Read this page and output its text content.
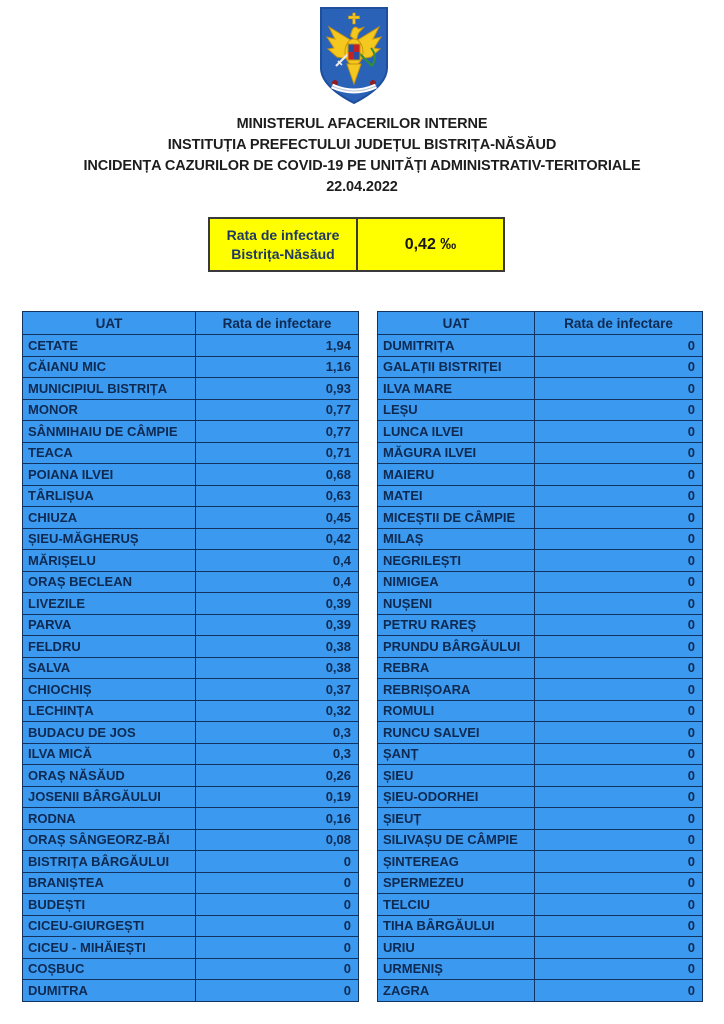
MINISTERUL AFACERILOR INTERNE
INSTITUȚIA PREFECTULUI JUDEȚUL BISTRIȚA-NĂSĂUD
INCIDENȚA CAZURILOR DE COVID-19 PE UNITĂȚI ADMINISTRATIV-TERITORIALE
22.04.2022
Rata de infectare
Bistrița-Năsăud
0,42 ‰
UAT	Rata de infectare
CETATE	1,94
CĂIANU MIC	1,16
MUNICIPIUL BISTRIȚA	0,93
MONOR	0,77
SÂNMIHAIU DE CÂMPIE	0,77
TEACA	0,71
POIANA ILVEI	0,68
TÂRLIȘUA	0,63
CHIUZA	0,45
ȘIEU-MĂGHERUȘ	0,42
MĂRIȘELU	0,4
ORAȘ BECLEAN	0,4
LIVEZILE	0,39
PARVA	0,39
FELDRU	0,38
SALVA	0,38
CHIOCHIȘ	0,37
LECHINȚA	0,32
BUDACU DE JOS	0,3
ILVA MICĂ	0,3
ORAȘ NĂSĂUD	0,26
JOSENII BÂRGĂULUI	0,19
RODNA	0,16
ORAȘ SÂNGEORZ-BĂI	0,08
BISTRIȚA BÂRGĂULUI	0
BRANIȘTEA	0
BUDEȘTI	0
CICEU-GIURGEȘTI	0
CICEU - MIHĂIEȘTI	0
COȘBUC	0
DUMITRA	0
UAT	Rata de infectare
DUMITRIȚA	0
GALAȚII BISTRIȚEI	0
ILVA MARE	0
LEȘU	0
LUNCA ILVEI	0
MĂGURA ILVEI	0
MAIERU	0
MATEI	0
MICEȘTII DE CÂMPIE	0
MILAȘ	0
NEGRILEȘTI	0
NIMIGEA	0
NUȘENI	0
PETRU RAREȘ	0
PRUNDU BÂRGĂULUI	0
REBRA	0
REBRIȘOARA	0
ROMULI	0
RUNCU SALVEI	0
ȘANȚ	0
ȘIEU	0
ȘIEU-ODORHEI	0
ȘIEUȚ	0
SILIVAȘU DE CÂMPIE	0
ȘINTEREAG	0
SPERMEZEU	0
TELCIU	0
TIHA BÂRGĂULUI	0
URIU	0
URMENIȘ	0
ZAGRA	0
